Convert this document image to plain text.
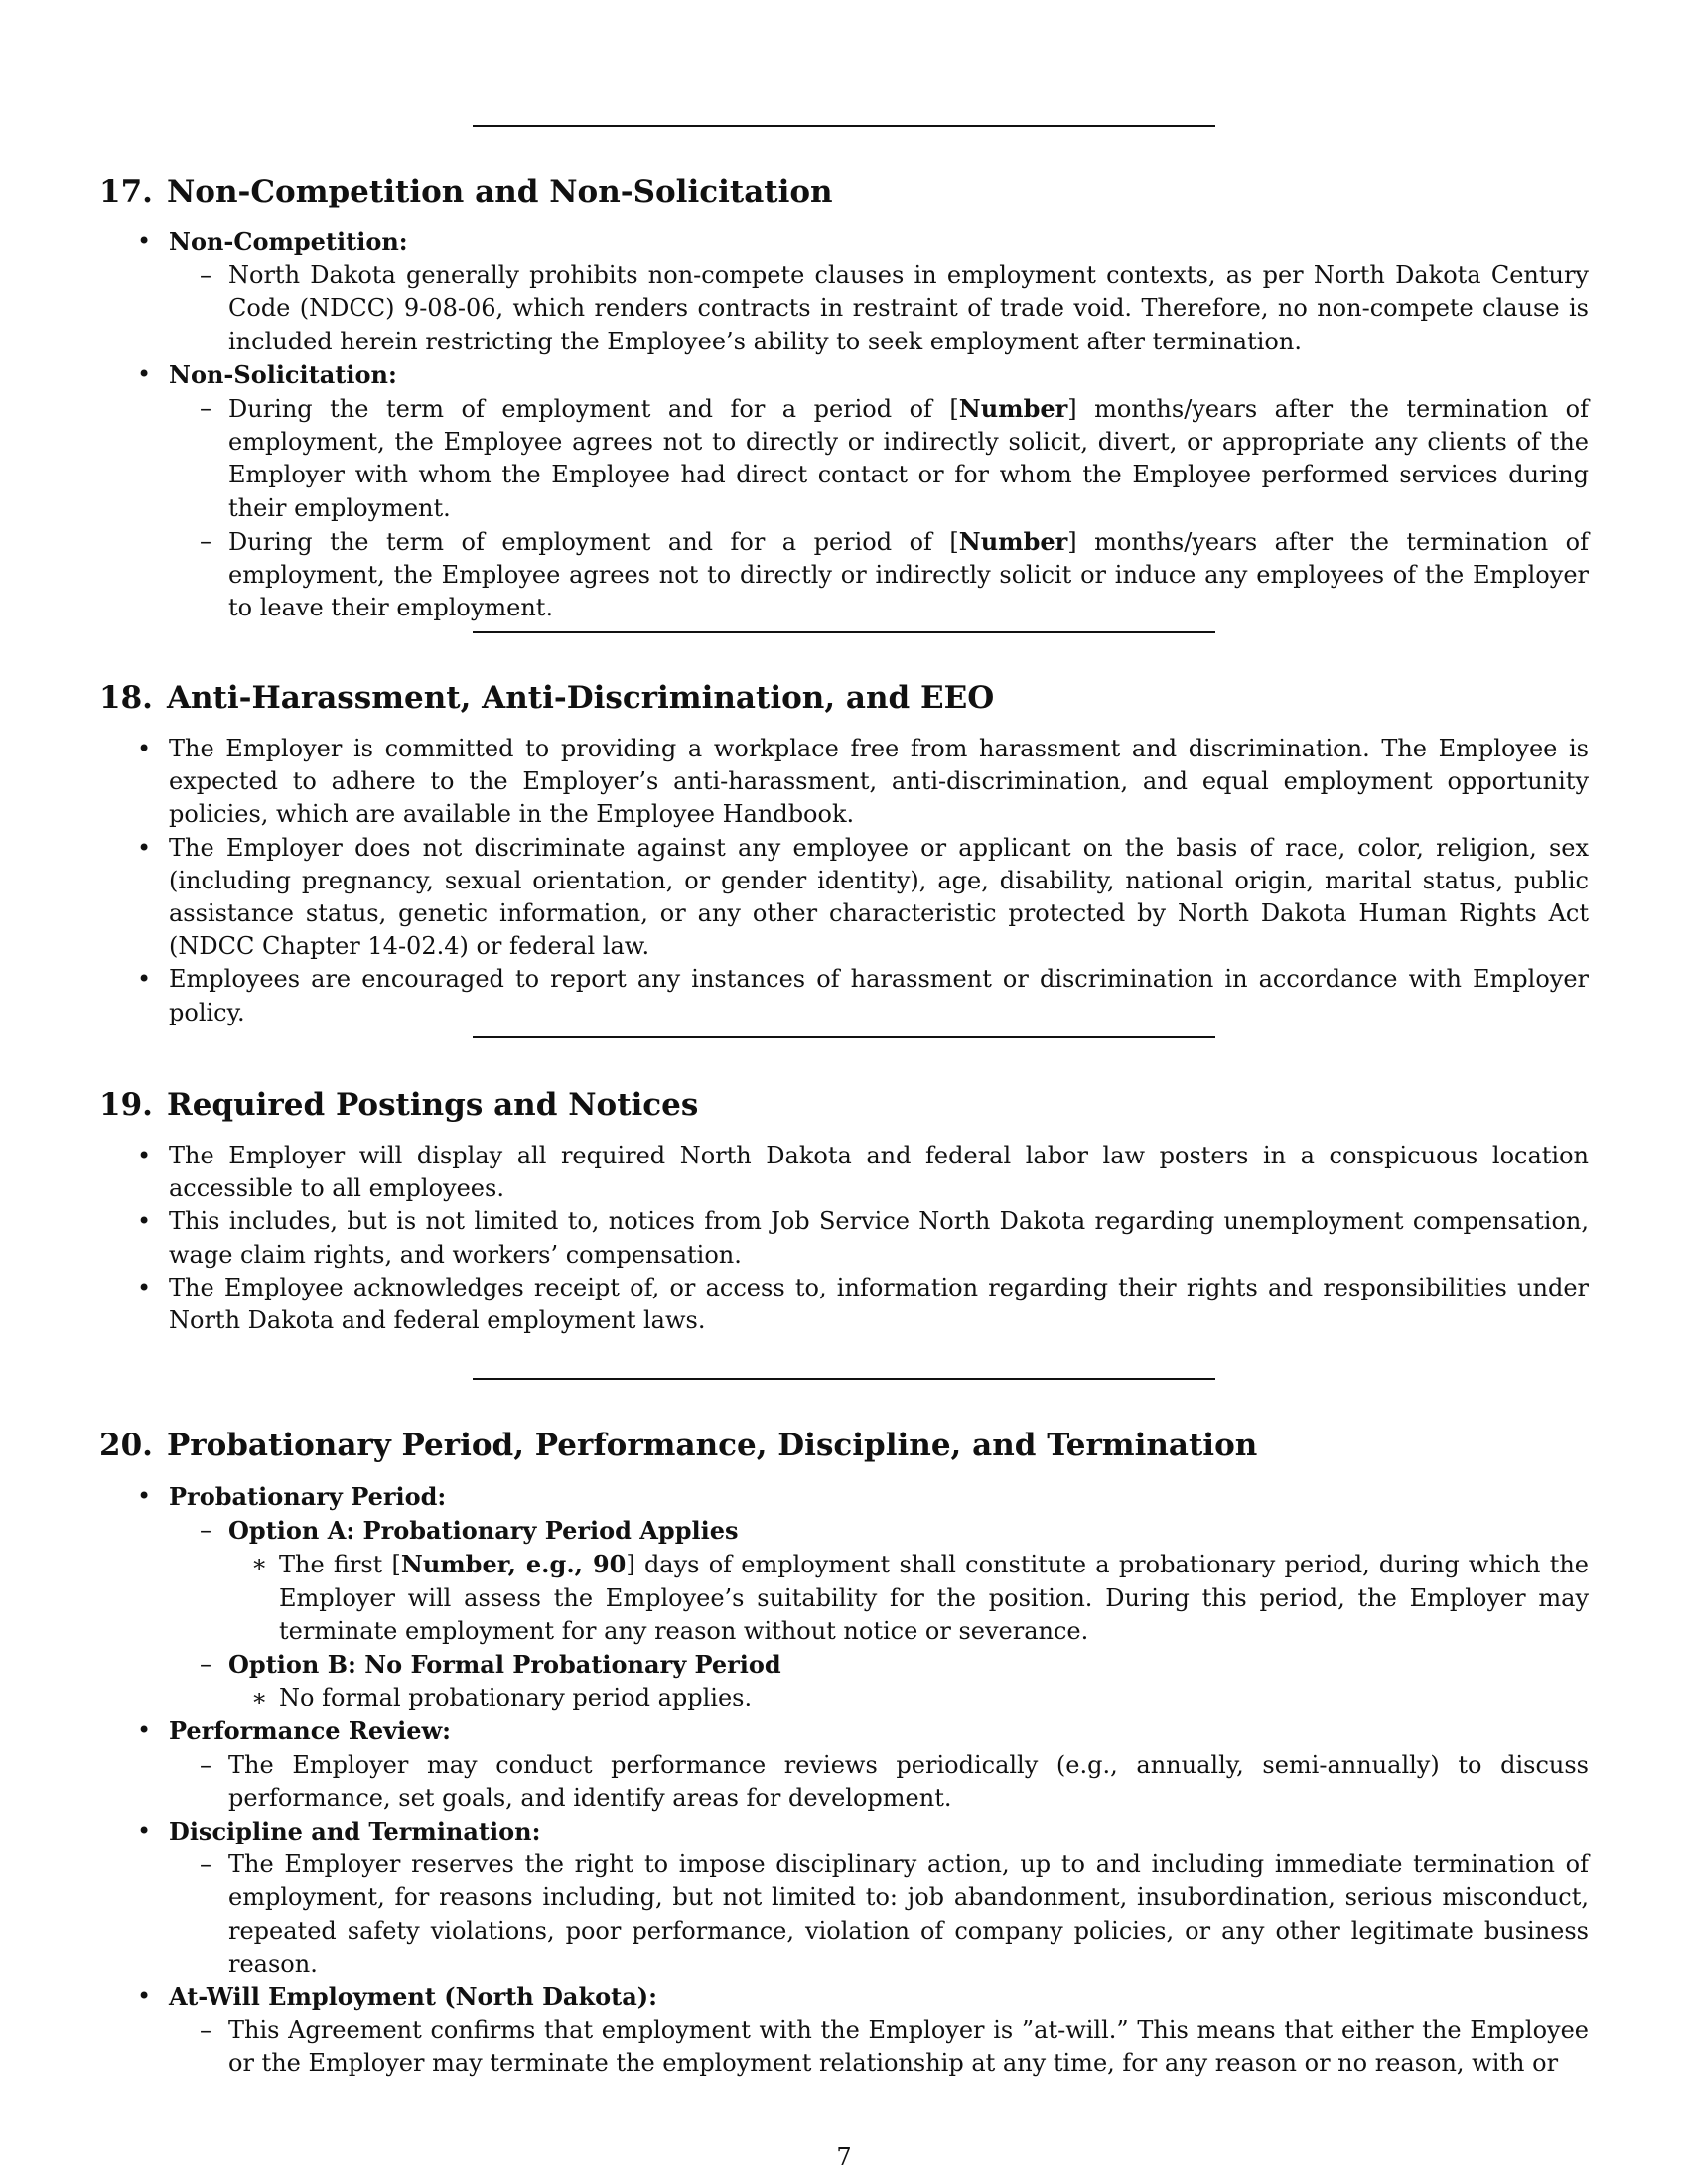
17. Non-Competition and Non-Solicitation
• Non-Competition:
– North Dakota generally prohibits non-compete clauses in employment contexts, as per North Dakota Century Code (NDCC) 9-08-06, which renders contracts in restraint of trade void. Therefore, no non-compete clause is included herein restricting the Employee’s ability to seek employment after termination.
• Non-Solicitation:
– During the term of employment and for a period of [Number] months/years after the termination of employment, the Employee agrees not to directly or indirectly solicit, divert, or appropriate any clients of the Employer with whom the Employee had direct contact or for whom the Employee performed services during their employment.
– During the term of employment and for a period of [Number] months/years after the termination of employment, the Employee agrees not to directly or indirectly solicit or induce any employees of the Employer to leave their employment.
18. Anti-Harassment, Anti-Discrimination, and EEO
• The Employer is committed to providing a workplace free from harassment and discrimination. The Employee is expected to adhere to the Employer’s anti-harassment, anti-discrimination, and equal employment opportunity policies, which are available in the Employee Handbook.
• The Employer does not discriminate against any employee or applicant on the basis of race, color, religion, sex (including pregnancy, sexual orientation, or gender identity), age, disability, national origin, marital status, public assistance status, genetic information, or any other characteristic protected by North Dakota Human Rights Act (NDCC Chapter 14-02.4) or federal law.
• Employees are encouraged to report any instances of harassment or discrimination in accordance with Employer policy.
19. Required Postings and Notices
• The Employer will display all required North Dakota and federal labor law posters in a conspicuous location accessible to all employees.
• This includes, but is not limited to, notices from Job Service North Dakota regarding unemployment compensation, wage claim rights, and workers’ compensation.
• The Employee acknowledges receipt of, or access to, information regarding their rights and responsibilities under North Dakota and federal employment laws.
20. Probationary Period, Performance, Discipline, and Termination
• Probationary Period:
– Option A: Probationary Period Applies
∗ The first [Number, e.g., 90] days of employment shall constitute a probationary period, during which the Employer will assess the Employee’s suitability for the position. During this period, the Employer may terminate employment for any reason without notice or severance.
– Option B: No Formal Probationary Period
∗ No formal probationary period applies.
• Performance Review:
– The Employer may conduct performance reviews periodically (e.g., annually, semi-annually) to discuss performance, set goals, and identify areas for development.
• Discipline and Termination:
– The Employer reserves the right to impose disciplinary action, up to and including immediate termination of employment, for reasons including, but not limited to: job abandonment, insubordination, serious misconduct, repeated safety violations, poor performance, violation of company policies, or any other legitimate business reason.
• At-Will Employment (North Dakota):
– This Agreement confirms that employment with the Employer is ”at-will.” This means that either the Employee or the Employer may terminate the employment relationship at any time, for any reason or no reason, with or
7
